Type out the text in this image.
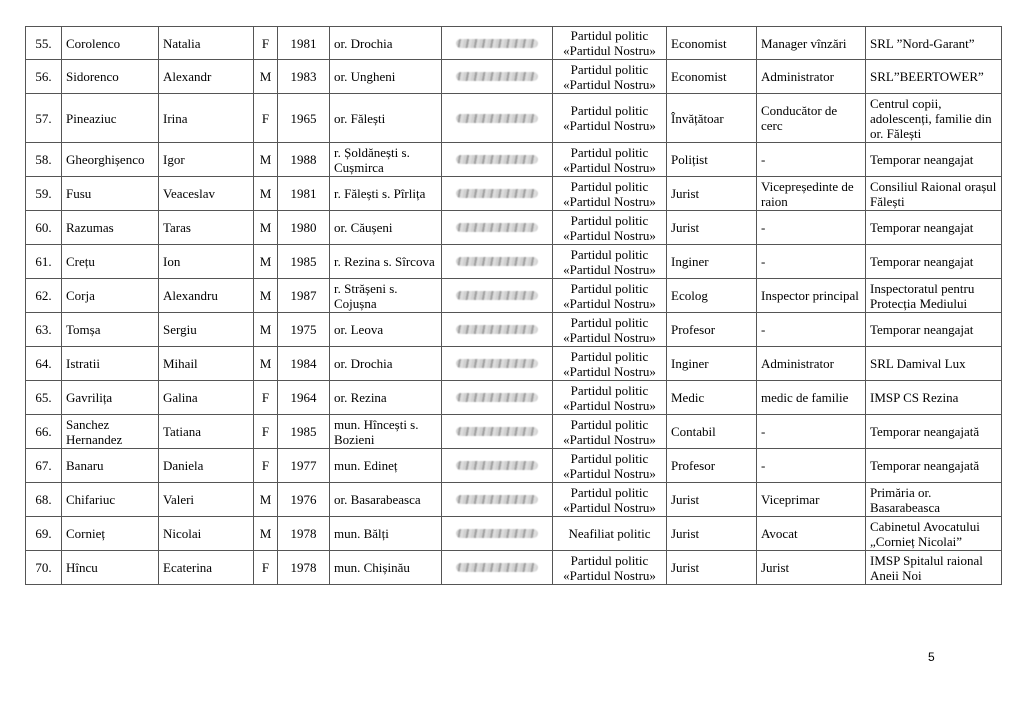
55.	Corolenco	Natalia	F	1981	or. Drochia		Partidul politic «Partidul Nostru»	Economist	Manager vînzări	SRL ”Nord-Garant”
56.	Sidorenco	Alexandr	M	1983	or. Ungheni		Partidul politic «Partidul Nostru»	Economist	Administrator	SRL”BEERTOWER”
57.	Pineaziuc	Irina	F	1965	or. Fălești		Partidul politic «Partidul Nostru»	Învățătoar	Conducător de cerc	Centrul copii, adolescenți, familie din or. Fălești
58.	Gheorghișenco	Igor	M	1988	r. Șoldănești s. Cușmirca		Partidul politic «Partidul Nostru»	Polițist	-	Temporar neangajat
59.	Fusu	Veaceslav	M	1981	r. Fălești s. Pîrlița		Partidul politic «Partidul Nostru»	Jurist	Vicepreședinte de raion	Consiliul Raional orașul Fălești
60.	Razumas	Taras	M	1980	or. Căușeni		Partidul politic «Partidul Nostru»	Jurist	-	Temporar neangajat
61.	Crețu	Ion	M	1985	r. Rezina s. Sîrcova		Partidul politic «Partidul Nostru»	Inginer	-	Temporar neangajat
62.	Corja	Alexandru	M	1987	r. Strășeni s. Cojușna		Partidul politic «Partidul Nostru»	Ecolog	Inspector principal	Inspectoratul pentru Protecția Mediului
63.	Tomșa	Sergiu	M	1975	or. Leova		Partidul politic «Partidul Nostru»	Profesor	-	Temporar neangajat
64.	Istratii	Mihail	M	1984	or. Drochia		Partidul politic «Partidul Nostru»	Inginer	Administrator	SRL Damival Lux
65.	Gavrilița	Galina	F	1964	or. Rezina		Partidul politic «Partidul Nostru»	Medic	medic de familie	IMSP CS Rezina
66.	Sanchez Hernandez	Tatiana	F	1985	mun. Hîncești s. Bozieni		Partidul politic «Partidul Nostru»	Contabil	-	Temporar neangajată
67.	Banaru	Daniela	F	1977	mun. Edineț		Partidul politic «Partidul Nostru»	Profesor	-	Temporar neangajată
68.	Chifariuc	Valeri	M	1976	or. Basarabeasca		Partidul politic «Partidul Nostru»	Jurist	Viceprimar	Primăria or. Basarabeasca
69.	Cornieț	Nicolai	M	1978	mun. Bălți		Neafiliat politic	Jurist	Avocat	Cabinetul Avocatului „Cornieț Nicolai”
70.	Hîncu	Ecaterina	F	1978	mun. Chișinău		Partidul politic «Partidul Nostru»	Jurist	Jurist	IMSP Spitalul raional Aneii Noi
5
